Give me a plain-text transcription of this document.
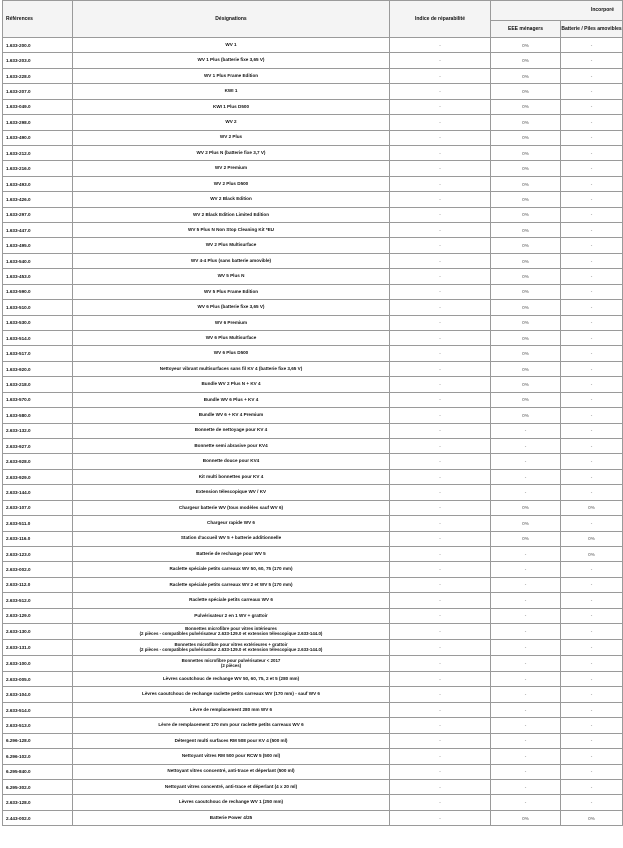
Références	Désignations	Indice de réparabilité	Incorporé	
			EEE ménagers	Batterie / Piles amovibles
1.633-200.0	WV 1	-	0%	-
1.633-203.0	WV 1 Plus (batterie fixe 3,65 V)	-	0%	-
1.633-228.0	WV 1 Plus Frame Edition	-	0%	-
1.633-207.0	KWI 1	-	0%	-
1.633-049.0	KWI 1 Plus D500	-	0%	-
1.633-298.0	WV 2	-	0%	-
1.633-490.0	WV 2 Plus	-	0%	-
1.633-212.0	WV 2 Plus N (batterie fixe 3,7 V)	-	0%	-
1.633-216.0	WV 2 Premium	-	0%	-
1.633-493.0	WV 2 Plus D500	-	0%	-
1.633-426.0	WV 2 Black Edition	-	0%	-
1.633-297.0	WV 2 Black Edition Limited Edition	-	0%	-
1.633-447.0	WV 5 Plus N Non Stop Cleaning Kit *EU	-	0%	-
1.633-495.0	WV 2 Plus Multisurface	-	0%	-
1.633-540.0	WV 4-4 Plus (sans batterie amovible)	-	0%	-
1.633-453.0	WV 5 Plus N	-	0%	-
1.633-590.0	WV 5 Plus Frame Edition	-	0%	-
1.633-510.0	WV 6 Plus (batterie fixe 3,65 V)	-	0%	-
1.633-530.0	WV 6 Premium	-	0%	-
1.633-514.0	WV 6 Plus Multisurface	-	0%	-
1.633-517.0	WV 6 Plus D500	-	0%	-
1.633-920.0	Nettoyeur vibrant multisurfaces sans fil KV 4 (batterie fixe 3,65 V)	-	0%	-
1.633-218.0	Bundle WV 2 Plus N + KV 4	-	0%	-
1.633-570.0	Bundle WV 6 Plus + KV 4	-	0%	-
1.633-580.0	Bundle WV 6 + KV 4 Premium	-	0%	-
2.633-132.0	Bonnette de nettoyage pour KV 4	-	-	-
2.633-927.0	Bonnette semi abrasive pour KV4	-	-	-
2.633-928.0	Bonnette douce pour KV4	-	-	-
2.633-929.0	Kit multi bonnettes pour KV 4	-	-	-
2.633-144.0	Extension télescopique WV / KV	-	-	-
2.633-107.0	Chargeur batterie WV (tous modèles sauf WV 6)	-	0%	0%
2.633-511.0	Chargeur rapide WV 6	-	0%	-
2.633-116.0	Station d'accueil WV 5 + batterie additionnelle	-	0%	0%
2.633-123.0	Batterie de rechange pour WV 5	-	-	0%
2.633-002.0	Raclette spéciale petits carreaux WV 50, 60, 75 (170 mm)	-	-	-
2.633-112.0	Raclette spéciale petits carreaux WV 2 et WV 5 (170 mm)	-	-	-
2.633-512.0	Raclette spéciale petits carreaux WV 6	-	-	-
2.633-129.0	Pulvérisateur 2 en 1 WV + grattoir	-	-	-
2.633-130.0	Bonnettes microfibre pour vitres intérieures
(2 pièces - compatibles pulvérisateur 2.633-129.0 et extension télescopique 2.633-144.0)	-	-	-
2.633-131.0	Bonnettes microfibre pour vitres extérieures + grattoir
(2 pièces - compatibles pulvérisateur 2.633-129.0 et extension télescopique 2.633-144.0)	-	-	-
2.633-100.0	Bonnettes microfibre pour pulvérisateur < 2017
(2 pièces)	-	-	-
2.633-005.0	Lèvres caoutchouc de rechange WV 50, 60, 75, 2 et 5 (280 mm)	-	-	-
2.633-104.0	Lèvres caoutchouc de rechange raclette petits carreaux WV (170 mm) - sauf WV 6	-	-	-
2.633-514.0	Lèvre de remplacement 280 mm WV 6	-	-	-
2.633-513.0	Lèvre de remplacement 170 mm pour raclette petits carreaux WV 6	-	-	-
6.296-128.0	Détergent multi surfaces RM 508 pour KV 4 (500 ml)	-	-	-
6.296-102.0	Nettoyant vitres RM 500 pour RCW 5 (500 ml)	-	-	-
6.295-840.0	Nettoyant vitres concentré, anti-trace et déperlant (500 ml)	-	-	-
6.295-302.0	Nettoyant vitres concentré, anti-trace et déperlant (4 x 20 ml)	-	-	-
2.633-128.0	Lèvres caoutchouc de rechange WV 1 (250 mm)	-	-	-
2.443-002.0	Batterie Power 4/25	-	0%	0%
